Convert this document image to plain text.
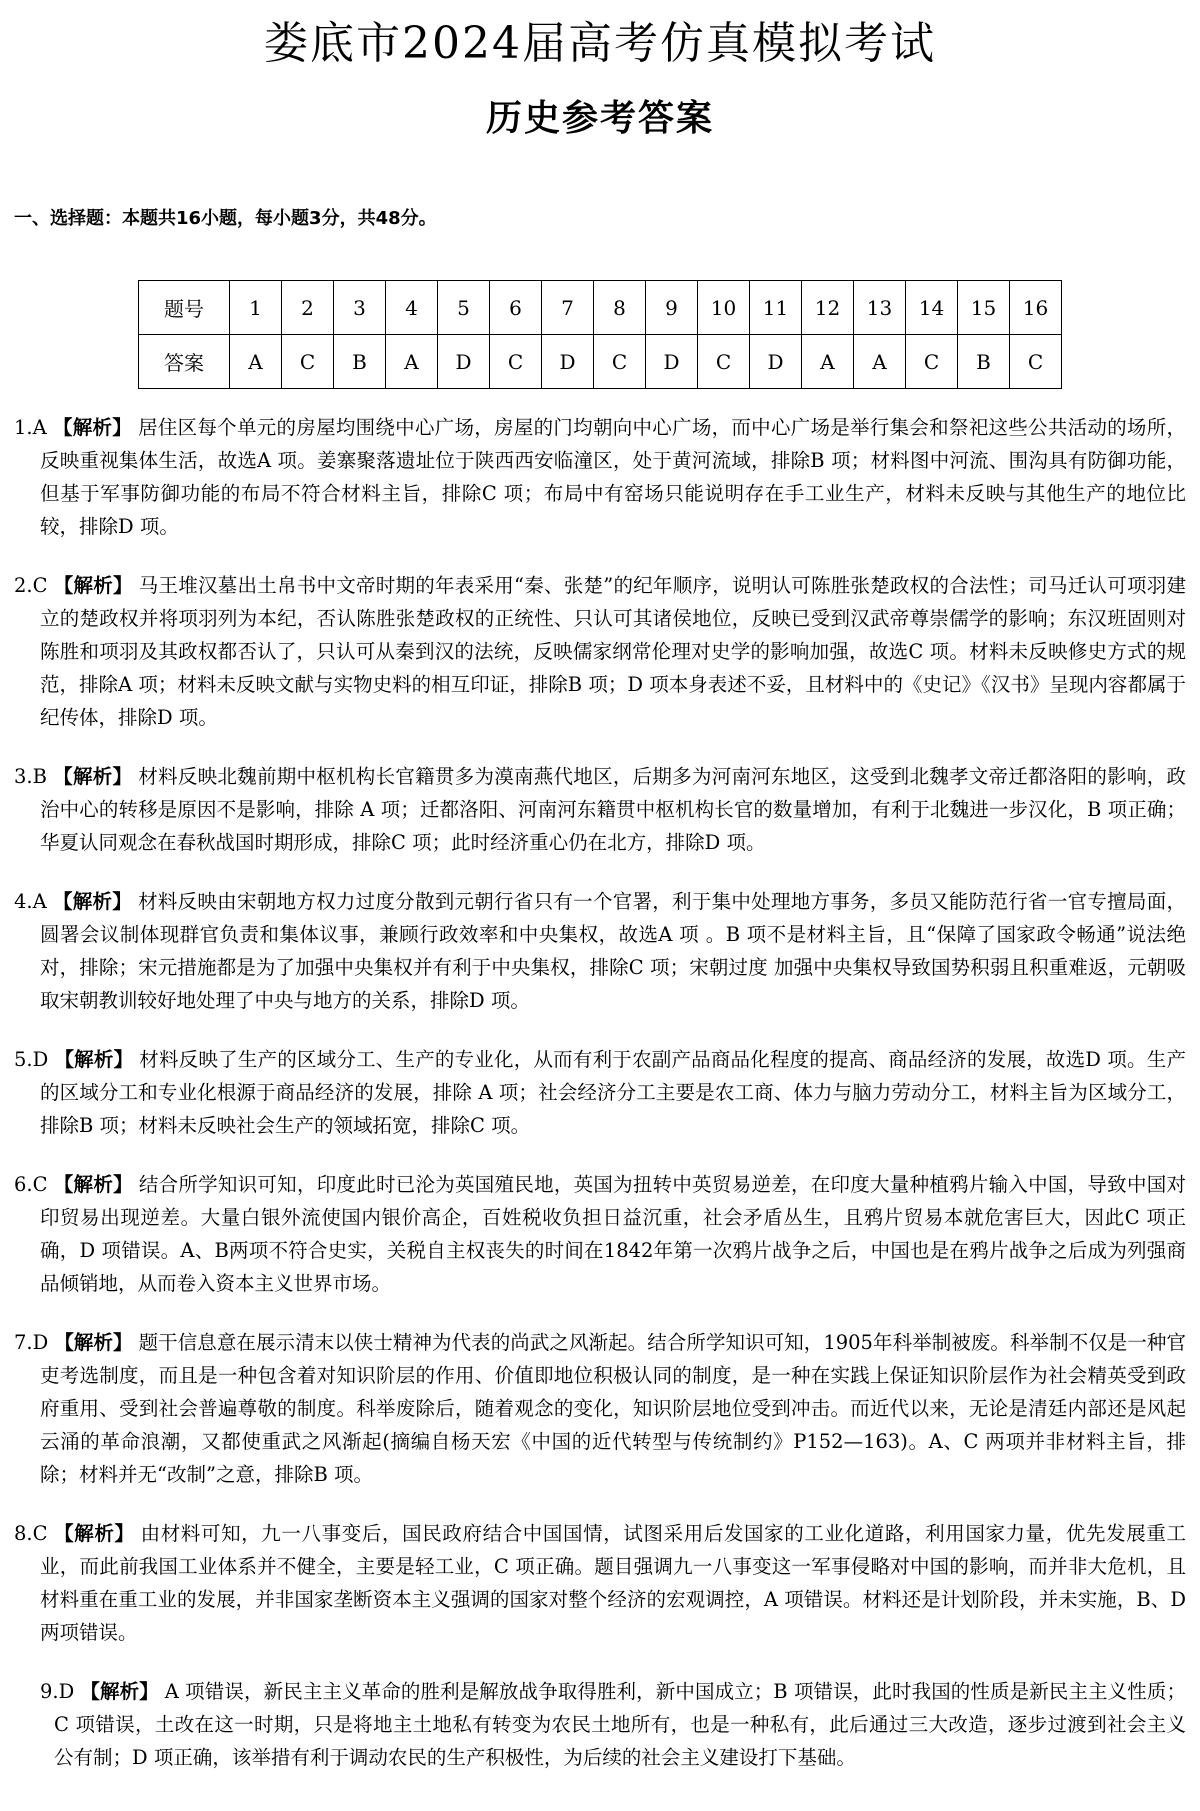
娄底市2024届高考仿真模拟考试
历史参考答案
一、选择题：本题共16小题，每小题3分，共48分。
题号	1	2	3	4	5	6	7	8	9	10	11	12	13	14	15	16
答案	A	C	B	A	D	C	D	C	D	C	D	A	A	C	B	C

1.A 【解析】 居住区每个单元的房屋均围绕中心广场，房屋的门均朝向中心广场，而中心广场是举行集会和祭祀这些公共活动的场所，反映重视集体生活，故选A 项。姜寨聚落遗址位于陕西西安临潼区，处于黄河流域，排除B 项；材料图中河流、围沟具有防御功能，但基于军事防御功能的布局不符合材料主旨，排除C 项；布局中有窑场只能说明存在手工业生产，材料未反映与其他生产的地位比较，排除D 项。

2.C 【解析】 马王堆汉墓出土帛书中文帝时期的年表采用“秦、张楚”的纪年顺序，说明认可陈胜张楚政权的合法性；司马迁认可项羽建立的楚政权并将项羽列为本纪，否认陈胜张楚政权的正统性、只认可其诸侯地位，反映已受到汉武帝尊崇儒学的影响；东汉班固则对陈胜和项羽及其政权都否认了，只认可从秦到汉的法统，反映儒家纲常伦理对史学的影响加强，故选C 项。材料未反映修史方式的规范，排除A 项；材料未反映文献与实物史料的相互印证，排除B 项；D 项本身表述不妥，且材料中的《史记》《汉书》呈现内容都属于纪传体，排除D 项。

3.B 【解析】 材料反映北魏前期中枢机构长官籍贯多为漠南燕代地区，后期多为河南河东地区，这受到北魏孝文帝迁都洛阳的影响，政治中心的转移是原因不是影响，排除 A 项；迁都洛阳、河南河东籍贯中枢机构长官的数量增加，有利于北魏进一步汉化，B 项正确；华夏认同观念在春秋战国时期形成，排除C 项；此时经济重心仍在北方，排除D 项。

4.A 【解析】 材料反映由宋朝地方权力过度分散到元朝行省只有一个官署，利于集中处理地方事务，多员又能防范行省一官专擅局面，圆署会议制体现群官负责和集体议事，兼顾行政效率和中央集权，故选A 项 。B 项不是材料主旨，且“保障了国家政令畅通”说法绝对，排除；宋元措施都是为了加强中央集权并有利于中央集权，排除C 项；宋朝过度 加强中央集权导致国势积弱且积重难返，元朝吸取宋朝教训较好地处理了中央与地方的关系，排除D 项。

5.D 【解析】 材料反映了生产的区域分工、生产的专业化，从而有利于农副产品商品化程度的提高、商品经济的发展，故选D 项。生产的区域分工和专业化根源于商品经济的发展，排除 A 项；社会经济分工主要是农工商、体力与脑力劳动分工，材料主旨为区域分工，排除B 项；材料未反映社会生产的领域拓宽，排除C 项。

6.C 【解析】 结合所学知识可知，印度此时已沦为英国殖民地，英国为扭转中英贸易逆差，在印度大量种植鸦片输入中国，导致中国对印贸易出现逆差。大量白银外流使国内银价高企，百姓税收负担日益沉重，社会矛盾丛生，且鸦片贸易本就危害巨大，因此C 项正确，D 项错误。A、B两项不符合史实，关税自主权丧失的时间在1842年第一次鸦片战争之后，中国也是在鸦片战争之后成为列强商品倾销地，从而卷入资本主义世界市场。

7.D 【解析】 题干信息意在展示清末以侠士精神为代表的尚武之风渐起。结合所学知识可知，1905年科举制被废。科举制不仅是一种官吏考选制度，而且是一种包含着对知识阶层的作用、价值即地位积极认同的制度，是一种在实践上保证知识阶层作为社会精英受到政府重用、受到社会普遍尊敬的制度。科举废除后，随着观念的变化，知识阶层地位受到冲击。而近代以来，无论是清廷内部还是风起云涌的革命浪潮，又都使重武之风渐起(摘编自杨天宏《中国的近代转型与传统制约》P152—163)。A、C 两项并非材料主旨，排除；材料并无“改制”之意，排除B 项。

8.C 【解析】 由材料可知，九一八事变后，国民政府结合中国国情，试图采用后发国家的工业化道路，利用国家力量，优先发展重工业，而此前我国工业体系并不健全，主要是轻工业，C 项正确。题目强调九一八事变这一军事侵略对中国的影响，而并非大危机，且材料重在重工业的发展，并非国家垄断资本主义强调的国家对整个经济的宏观调控，A 项错误。材料还是计划阶段，并未实施，B、D两项错误。

9.D 【解析】 A 项错误，新民主主义革命的胜利是解放战争取得胜利，新中国成立；B 项错误，此时我国的性质是新民主主义性质；C 项错误，土改在这一时期，只是将地主土地私有转变为农民土地所有，也是一种私有，此后通过三大改造，逐步过渡到社会主义公有制；D 项正确，该举措有利于调动农民的生产积极性，为后续的社会主义建设打下基础。
